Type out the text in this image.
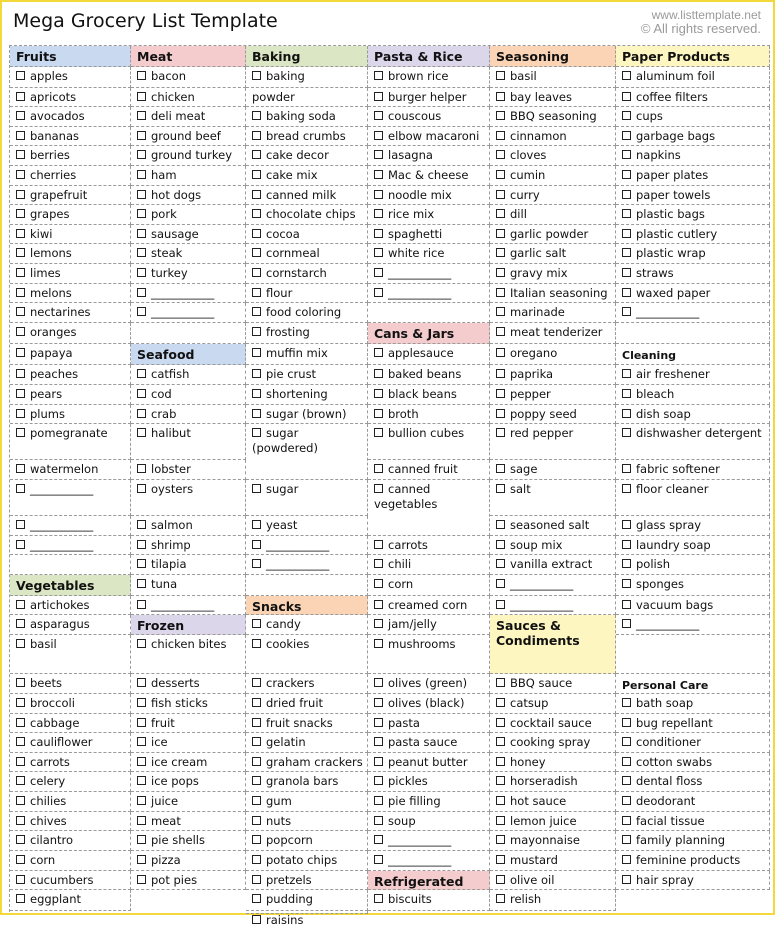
Mega Grocery List Template	www.listtemplate.net
© All rights reserved.
Fruits
apples
apricots
avocados
bananas
berries
cherries
grapefruit
grapes
kiwi
lemons
limes
melons
nectarines
oranges
papaya
peaches
pears
plums
pomegranate
watermelon
___________
___________
___________
Vegetables
artichokes
asparagus
basil
beets
broccoli
cabbage
cauliflower
carrots
celery
chilies
chives
cilantro
corn
cucumbers
eggplant
Meat
bacon
chicken
deli meat
ground beef
ground turkey
ham
hot dogs
pork
sausage
steak
turkey
___________
___________
Seafood
catfish
cod
crab
halibut
lobster
oysters
salmon
shrimp
tilapia
tuna
___________
Frozen
chicken bites
desserts
fish sticks
fruit
ice
ice cream
ice pops
juice
meat
pie shells
pizza
pot pies
Baking
baking
powder
baking soda
bread crumbs
cake decor
cake mix
canned milk
chocolate chips
cocoa
cornmeal
cornstarch
flour
food coloring
frosting
muffin mix
pie crust
shortening
sugar (brown)
sugar
(powdered)
sugar
yeast
___________
___________
Snacks
candy
cookies
crackers
dried fruit
fruit snacks
gelatin
graham crackers
granola bars
gum
nuts
popcorn
potato chips
pretzels
pudding
raisins
Pasta & Rice
brown rice
burger helper
couscous
elbow macaroni
lasagna
Mac & cheese
noodle mix
rice mix
spaghetti
white rice
___________
___________
Cans & Jars
applesauce
baked beans
black beans
broth
bullion cubes
canned fruit
canned
vegetables
carrots
chili
corn
creamed corn
jam/jelly
mushrooms
olives (green)
olives (black)
pasta
pasta sauce
peanut butter
pickles
pie filling
soup
___________
___________
Refrigerated
biscuits
Seasoning
basil
bay leaves
BBQ seasoning
cinnamon
cloves
cumin
curry
dill
garlic powder
garlic salt
gravy mix
Italian seasoning
marinade
meat tenderizer
oregano
paprika
pepper
poppy seed
red pepper
sage
salt
seasoned salt
soup mix
vanilla extract
___________
___________
Sauces &
Condiments
BBQ sauce
catsup
cocktail sauce
cooking spray
honey
horseradish
hot sauce
lemon juice
mayonnaise
mustard
olive oil
relish
Paper Products
aluminum foil
coffee filters
cups
garbage bags
napkins
paper plates
paper towels
plastic bags
plastic cutlery
plastic wrap
straws
waxed paper
___________
Cleaning
air freshener
bleach
dish soap
dishwasher detergent
fabric softener
floor cleaner
glass spray
laundry soap
polish
sponges
vacuum bags
___________
Personal Care
bath soap
bug repellant
conditioner
cotton swabs
dental floss
deodorant
facial tissue
family planning
feminine products
hair spray
